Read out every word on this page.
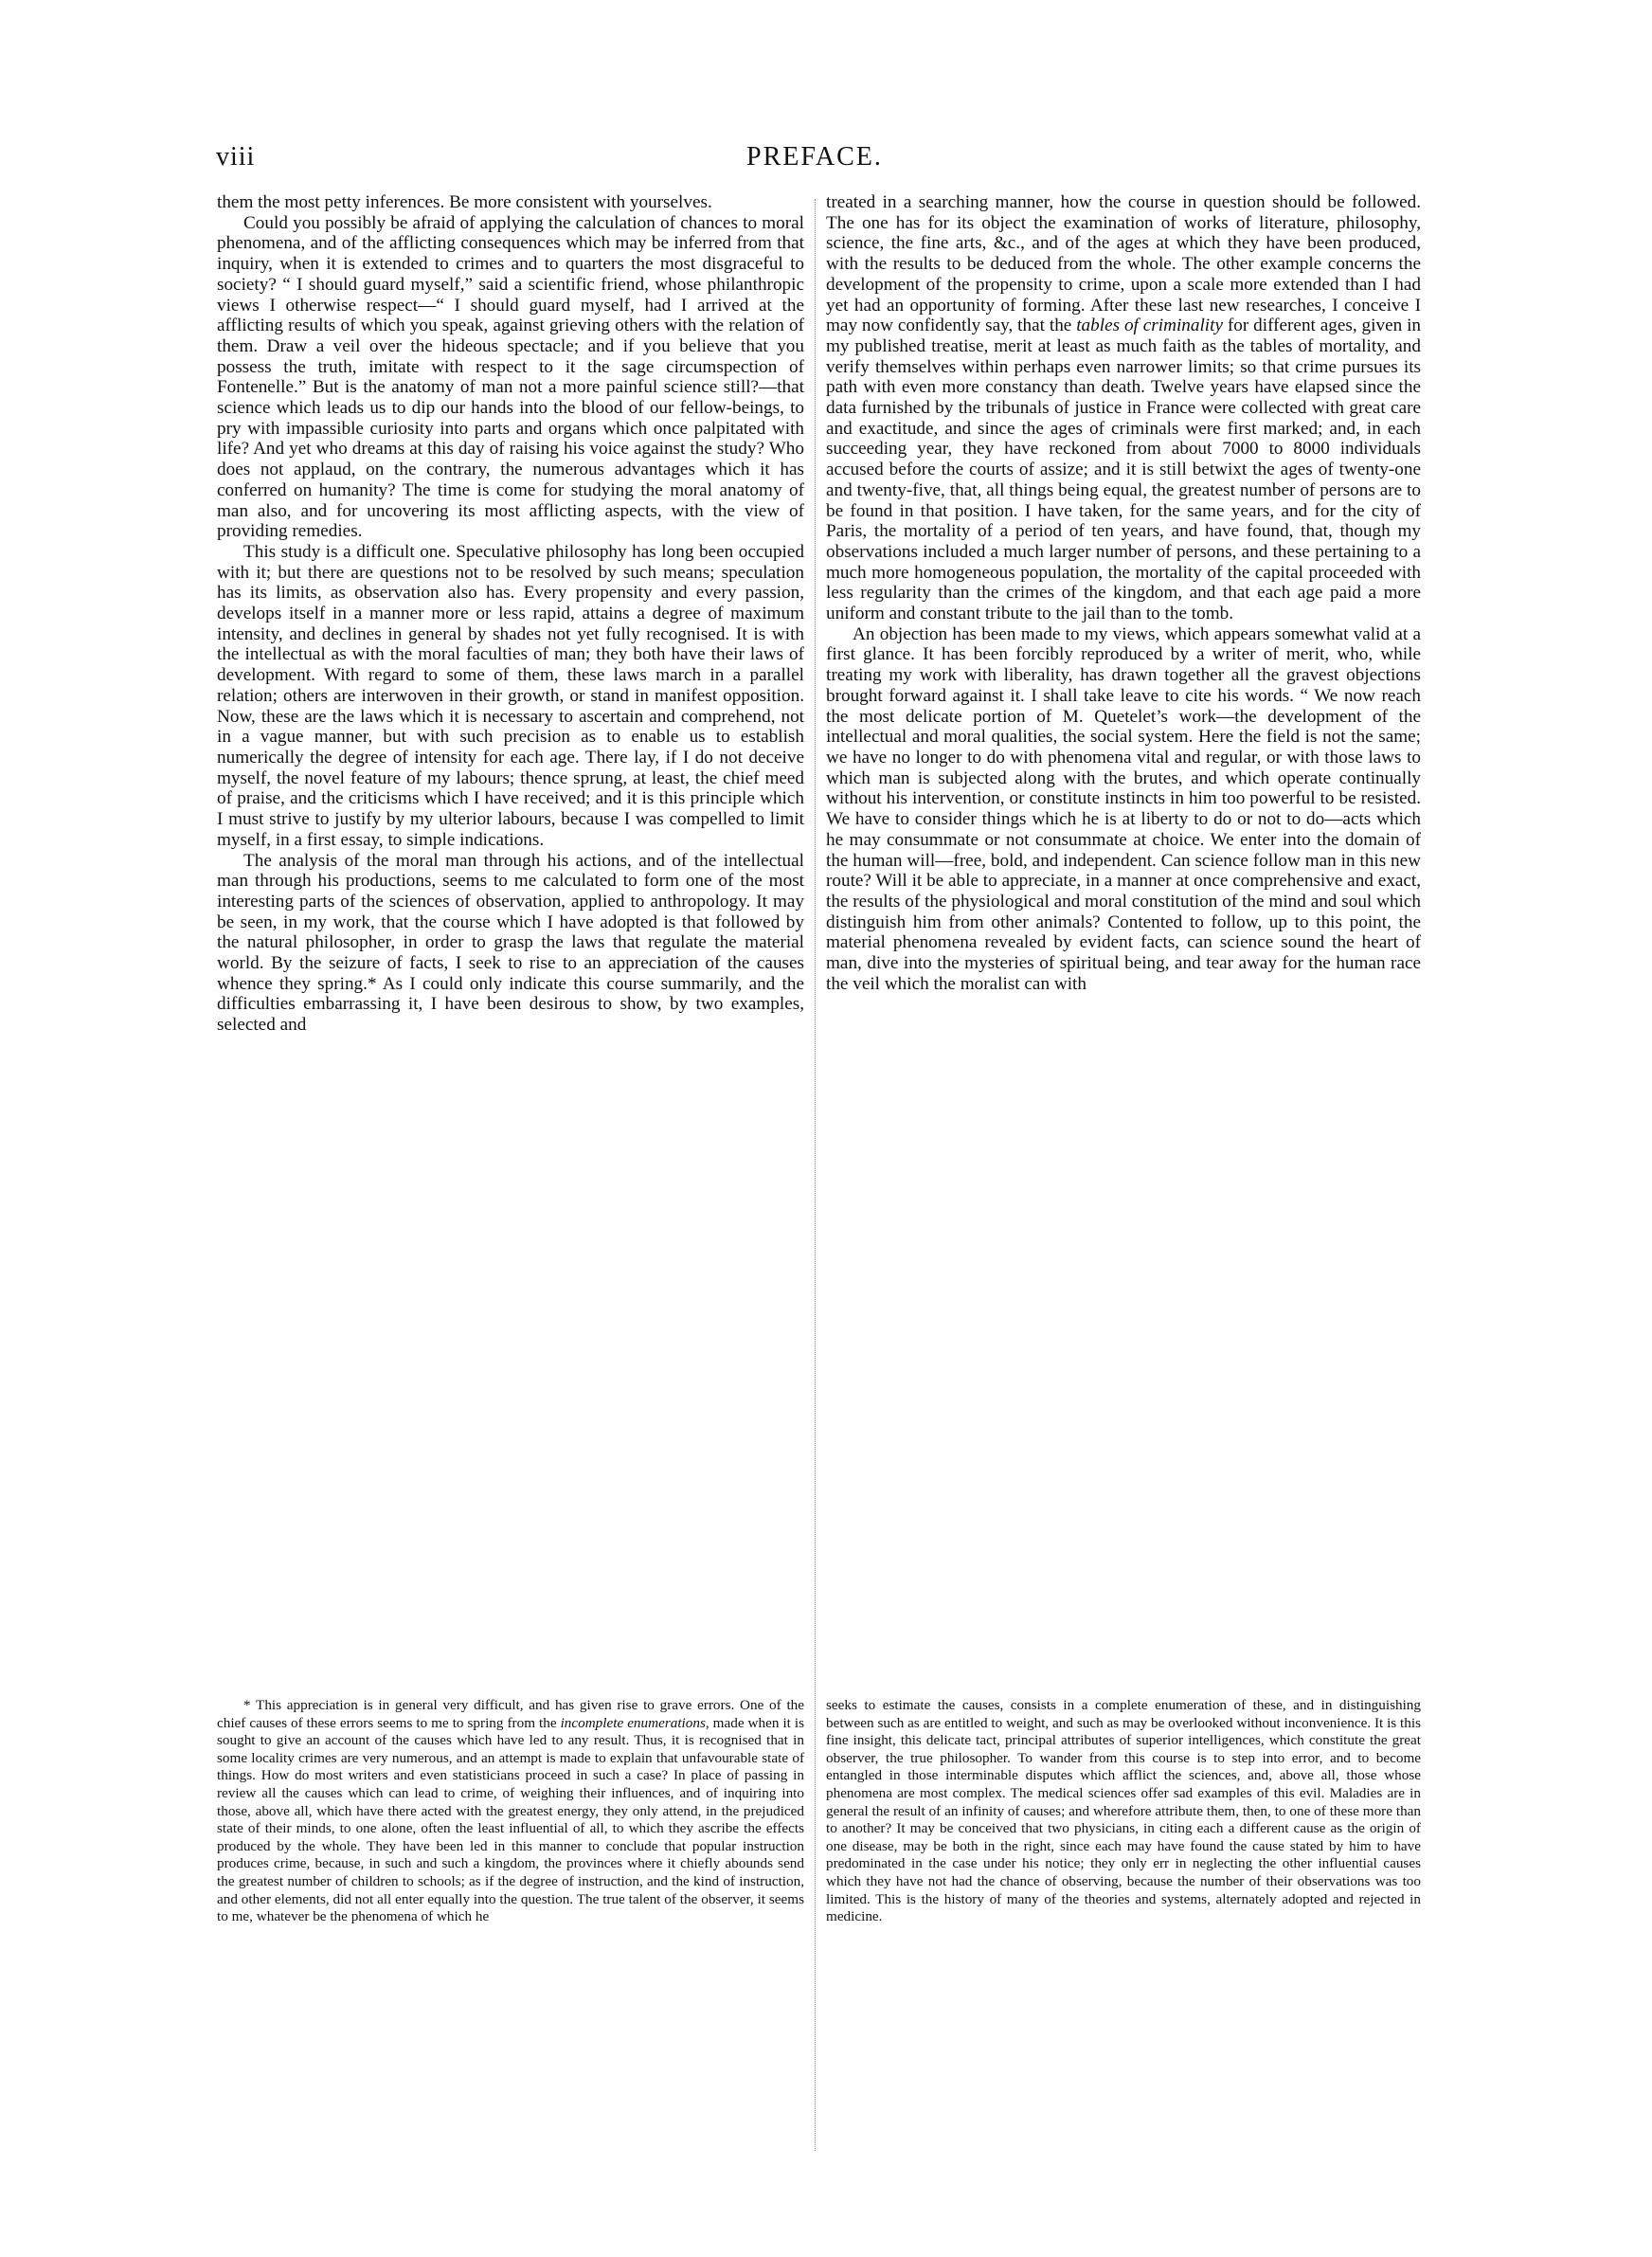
viii	PREFACE.

them the most petty inferences. Be more consistent with yourselves.

Could you possibly be afraid of applying the calculation of chances to moral phenomena, and of the afflicting consequences which may be inferred from that inquiry, when it is extended to crimes and to quarters the most disgraceful to society? “ I should guard myself,” said a scientific friend, whose philanthropic views I otherwise respect—“ I should guard myself, had I arrived at the afflicting results of which you speak, against grieving others with the relation of them. Draw a veil over the hideous spectacle; and if you believe that you possess the truth, imitate with respect to it the sage circumspection of Fontenelle.” But is the anatomy of man not a more painful science still?—that science which leads us to dip our hands into the blood of our fellow-beings, to pry with impassible curiosity into parts and organs which once palpitated with life? And yet who dreams at this day of raising his voice against the study? Who does not applaud, on the contrary, the numerous advantages which it has conferred on humanity? The time is come for studying the moral anatomy of man also, and for uncovering its most afflicting aspects, with the view of providing remedies.

This study is a difficult one. Speculative philosophy has long been occupied with it; but there are questions not to be resolved by such means; speculation has its limits, as observation also has. Every propensity and every passion, develops itself in a manner more or less rapid, attains a degree of maximum intensity, and declines in general by shades not yet fully recognised. It is with the intellectual as with the moral faculties of man; they both have their laws of development. With regard to some of them, these laws march in a parallel relation; others are interwoven in their growth, or stand in manifest opposition. Now, these are the laws which it is necessary to ascertain and comprehend, not in a vague manner, but with such precision as to enable us to establish numerically the degree of intensity for each age. There lay, if I do not deceive myself, the novel feature of my labours; thence sprung, at least, the chief meed of praise, and the criticisms which I have received; and it is this principle which I must strive to justify by my ulterior labours, because I was compelled to limit myself, in a first essay, to simple indications.

The analysis of the moral man through his actions, and of the intellectual man through his productions, seems to me calculated to form one of the most interesting parts of the sciences of observation, applied to anthropology. It may be seen, in my work, that the course which I have adopted is that followed by the natural philosopher, in order to grasp the laws that regulate the material world. By the seizure of facts, I seek to rise to an appreciation of the causes whence they spring.* As I could only indicate this course summarily, and the difficulties embarrassing it, I have been desirous to show, by two examples, selected and

treated in a searching manner, how the course in question should be followed. The one has for its object the examination of works of literature, philosophy, science, the fine arts, &c., and of the ages at which they have been produced, with the results to be deduced from the whole. The other example concerns the development of the propensity to crime, upon a scale more extended than I had yet had an opportunity of forming. After these last new researches, I conceive I may now confidently say, that the tables of criminality for different ages, given in my published treatise, merit at least as much faith as the tables of mortality, and verify themselves within perhaps even narrower limits; so that crime pursues its path with even more constancy than death. Twelve years have elapsed since the data furnished by the tribunals of justice in France were collected with great care and exactitude, and since the ages of criminals were first marked; and, in each succeeding year, they have reckoned from about 7000 to 8000 individuals accused before the courts of assize; and it is still betwixt the ages of twenty-one and twenty-five, that, all things being equal, the greatest number of persons are to be found in that position. I have taken, for the same years, and for the city of Paris, the mortality of a period of ten years, and have found, that, though my observations included a much larger number of persons, and these pertaining to a much more homogeneous population, the mortality of the capital proceeded with less regularity than the crimes of the kingdom, and that each age paid a more uniform and constant tribute to the jail than to the tomb.

An objection has been made to my views, which appears somewhat valid at a first glance. It has been forcibly reproduced by a writer of merit, who, while treating my work with liberality, has drawn together all the gravest objections brought forward against it. I shall take leave to cite his words. “ We now reach the most delicate portion of M. Quetelet’s work—the development of the intellectual and moral qualities, the social system. Here the field is not the same; we have no longer to do with phenomena vital and regular, or with those laws to which man is subjected along with the brutes, and which operate continually without his intervention, or constitute instincts in him too powerful to be resisted. We have to consider things which he is at liberty to do or not to do—acts which he may consummate or not consummate at choice. We enter into the domain of the human will—free, bold, and independent. Can science follow man in this new route? Will it be able to appreciate, in a manner at once comprehensive and exact, the results of the physiological and moral constitution of the mind and soul which distinguish him from other animals? Contented to follow, up to this point, the material phenomena revealed by evident facts, can science sound the heart of man, dive into the mysteries of spiritual being, and tear away for the human race the veil which the moralist can with

* This appreciation is in general very difficult, and has given rise to grave errors. One of the chief causes of these errors seems to me to spring from the incomplete enumerations, made when it is sought to give an account of the causes which have led to any result. Thus, it is recognised that in some locality crimes are very numerous, and an attempt is made to explain that unfavourable state of things. How do most writers and even statisticians proceed in such a case? In place of passing in review all the causes which can lead to crime, of weighing their influences, and of inquiring into those, above all, which have there acted with the greatest energy, they only attend, in the prejudiced state of their minds, to one alone, often the least influential of all, to which they ascribe the effects produced by the whole. They have been led in this manner to conclude that popular instruction produces crime, because, in such and such a kingdom, the provinces where it chiefly abounds send the greatest number of children to schools; as if the degree of instruction, and the kind of instruction, and other elements, did not all enter equally into the question. The true talent of the observer, it seems to me, whatever be the phenomena of which he

seeks to estimate the causes, consists in a complete enumeration of these, and in distinguishing between such as are entitled to weight, and such as may be overlooked without inconvenience. It is this fine insight, this delicate tact, principal attributes of superior intelligences, which constitute the great observer, the true philosopher. To wander from this course is to step into error, and to become entangled in those interminable disputes which afflict the sciences, and, above all, those whose phenomena are most complex. The medical sciences offer sad examples of this evil. Maladies are in general the result of an infinity of causes; and wherefore attribute them, then, to one of these more than to another? It may be conceived that two physicians, in citing each a different cause as the origin of one disease, may be both in the right, since each may have found the cause stated by him to have predominated in the case under his notice; they only err in neglecting the other influential causes which they have not had the chance of observing, because the number of their observations was too limited. This is the history of many of the theories and systems, alternately adopted and rejected in medicine.
